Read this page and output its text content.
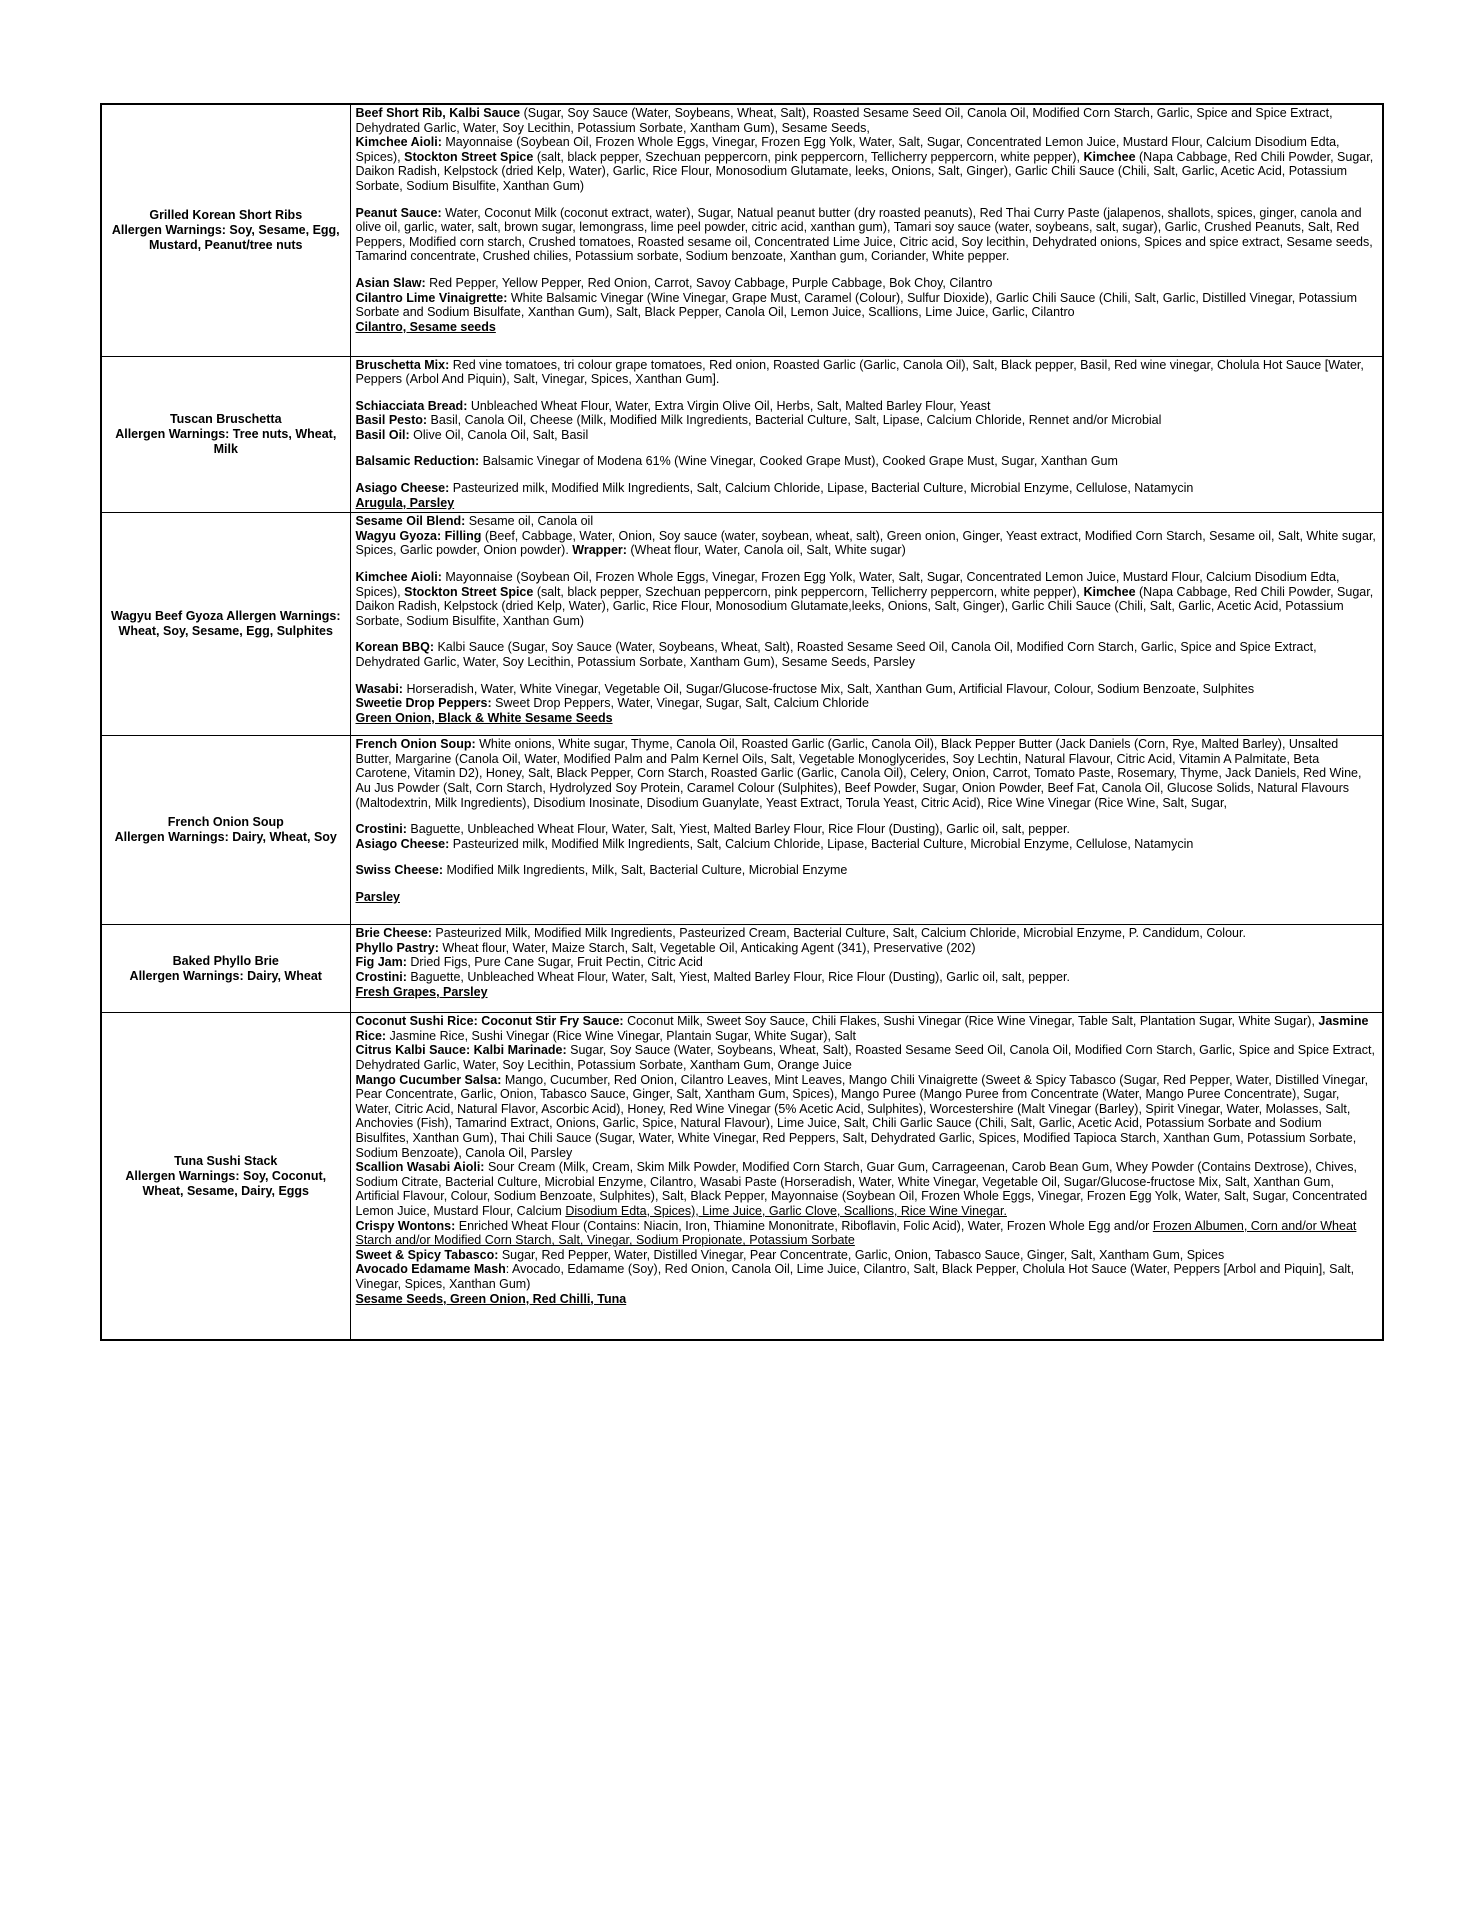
Grilled Korean Short Ribs
Allergen Warnings: Soy, Sesame, Egg, Mustard, Peanut/tree nuts

Beef Short Rib, Kalbi Sauce (Sugar, Soy Sauce (Water, Soybeans, Wheat, Salt), Roasted Sesame Seed Oil, Canola Oil, Modified Corn Starch, Garlic, Spice and Spice Extract, Dehydrated Garlic, Water, Soy Lecithin, Potassium Sorbate, Xantham Gum), Sesame Seeds,
Kimchee Aioli: Mayonnaise (Soybean Oil, Frozen Whole Eggs, Vinegar, Frozen Egg Yolk, Water, Salt, Sugar, Concentrated Lemon Juice, Mustard Flour, Calcium Disodium Edta, Spices), Stockton Street Spice (salt, black pepper, Szechuan peppercorn, pink peppercorn, Tellicherry peppercorn, white pepper), Kimchee (Napa Cabbage, Red Chili Powder, Sugar, Daikon Radish, Kelpstock (dried Kelp, Water), Garlic, Rice Flour, Monosodium Glutamate, leeks, Onions, Salt, Ginger), Garlic Chili Sauce (Chili, Salt, Garlic, Acetic Acid, Potassium Sorbate, Sodium Bisulfite, Xanthan Gum)
Peanut Sauce: Water, Coconut Milk (coconut extract, water), Sugar, Natual peanut butter (dry roasted peanuts), Red Thai Curry Paste (jalapenos, shallots, spices, ginger, canola and olive oil, garlic, water, salt, brown sugar, lemongrass, lime peel powder, citric acid, xanthan gum), Tamari soy sauce (water, soybeans, salt, sugar), Garlic, Crushed Peanuts, Salt, Red Peppers, Modified corn starch, Crushed tomatoes, Roasted sesame oil, Concentrated Lime Juice, Citric acid, Soy lecithin, Dehydrated onions, Spices and spice extract, Sesame seeds, Tamarind concentrate, Crushed chilies, Potassium sorbate, Sodium benzoate, Xanthan gum, Coriander, White pepper.
Asian Slaw: Red Pepper, Yellow Pepper, Red Onion, Carrot, Savoy Cabbage, Purple Cabbage, Bok Choy, Cilantro
Cilantro Lime Vinaigrette: White Balsamic Vinegar (Wine Vinegar, Grape Must, Caramel (Colour), Sulfur Dioxide), Garlic Chili Sauce (Chili, Salt, Garlic, Distilled Vinegar, Potassium Sorbate and Sodium Bisulfate, Xanthan Gum), Salt, Black Pepper, Canola Oil, Lemon Juice, Scallions, Lime Juice, Garlic, Cilantro
Cilantro, Sesame seeds

Tuscan Bruschetta
Allergen Warnings: Tree nuts, Wheat, Milk

Bruschetta Mix: Red vine tomatoes, tri colour grape tomatoes, Red onion, Roasted Garlic (Garlic, Canola Oil), Salt, Black pepper, Basil, Red wine vinegar, Cholula Hot Sauce [Water, Peppers (Arbol And Piquin), Salt, Vinegar, Spices, Xanthan Gum].
Schiacciata Bread: Unbleached Wheat Flour, Water, Extra Virgin Olive Oil, Herbs, Salt, Malted Barley Flour, Yeast
Basil Pesto: Basil, Canola Oil, Cheese (Milk, Modified Milk Ingredients, Bacterial Culture, Salt, Lipase, Calcium Chloride, Rennet and/or Microbial
Basil Oil: Olive Oil, Canola Oil, Salt, Basil
Balsamic Reduction: Balsamic Vinegar of Modena 61% (Wine Vinegar, Cooked Grape Must), Cooked Grape Must, Sugar, Xanthan Gum
Asiago Cheese: Pasteurized milk, Modified Milk Ingredients, Salt, Calcium Chloride, Lipase, Bacterial Culture, Microbial Enzyme, Cellulose, Natamycin
Arugula, Parsley

Wagyu Beef Gyoza Allergen Warnings: Wheat, Soy, Sesame, Egg, Sulphites

Sesame Oil Blend: Sesame oil, Canola oil
Wagyu Gyoza: Filling (Beef, Cabbage, Water, Onion, Soy sauce (water, soybean, wheat, salt), Green onion, Ginger, Yeast extract, Modified Corn Starch, Sesame oil, Salt, White sugar, Spices, Garlic powder, Onion powder). Wrapper: (Wheat flour, Water, Canola oil, Salt, White sugar)
Kimchee Aioli: Mayonnaise (Soybean Oil, Frozen Whole Eggs, Vinegar, Frozen Egg Yolk, Water, Salt, Sugar, Concentrated Lemon Juice, Mustard Flour, Calcium Disodium Edta, Spices), Stockton Street Spice (salt, black pepper, Szechuan peppercorn, pink peppercorn, Tellicherry peppercorn, white pepper), Kimchee (Napa Cabbage, Red Chili Powder, Sugar, Daikon Radish, Kelpstock (dried Kelp, Water), Garlic, Rice Flour, Monosodium Glutamate,leeks, Onions, Salt, Ginger), Garlic Chili Sauce (Chili, Salt, Garlic, Acetic Acid, Potassium Sorbate, Sodium Bisulfite, Xanthan Gum)
Korean BBQ: Kalbi Sauce (Sugar, Soy Sauce (Water, Soybeans, Wheat, Salt), Roasted Sesame Seed Oil, Canola Oil, Modified Corn Starch, Garlic, Spice and Spice Extract, Dehydrated Garlic, Water, Soy Lecithin, Potassium Sorbate, Xantham Gum), Sesame Seeds, Parsley
Wasabi: Horseradish, Water, White Vinegar, Vegetable Oil, Sugar/Glucose-fructose Mix, Salt, Xanthan Gum, Artificial Flavour, Colour, Sodium Benzoate, Sulphites
Sweetie Drop Peppers: Sweet Drop Peppers, Water, Vinegar, Sugar, Salt, Calcium Chloride
Green Onion, Black & White Sesame Seeds

French Onion Soup
Allergen Warnings: Dairy, Wheat, Soy

French Onion Soup: White onions, White sugar, Thyme, Canola Oil, Roasted Garlic (Garlic, Canola Oil), Black Pepper Butter (Jack Daniels (Corn, Rye, Malted Barley), Unsalted Butter, Margarine (Canola Oil, Water, Modified Palm and Palm Kernel Oils, Salt, Vegetable Monoglycerides, Soy Lechtin, Natural Flavour, Citric Acid, Vitamin A Palmitate, Beta Carotene, Vitamin D2), Honey, Salt, Black Pepper, Corn Starch, Roasted Garlic (Garlic, Canola Oil), Celery, Onion, Carrot, Tomato Paste, Rosemary, Thyme, Jack Daniels, Red Wine, Au Jus Powder (Salt, Corn Starch, Hydrolyzed Soy Protein, Caramel Colour (Sulphites), Beef Powder, Sugar, Onion Powder, Beef Fat, Canola Oil, Glucose Solids, Natural Flavours (Maltodextrin, Milk Ingredients), Disodium Inosinate, Disodium Guanylate, Yeast Extract, Torula Yeast, Citric Acid), Rice Wine Vinegar (Rice Wine, Salt, Sugar,
Crostini: Baguette, Unbleached Wheat Flour, Water, Salt, Yiest, Malted Barley Flour, Rice Flour (Dusting), Garlic oil, salt, pepper.
Asiago Cheese: Pasteurized milk, Modified Milk Ingredients, Salt, Calcium Chloride, Lipase, Bacterial Culture, Microbial Enzyme, Cellulose, Natamycin
Swiss Cheese: Modified Milk Ingredients, Milk, Salt, Bacterial Culture, Microbial Enzyme
Parsley

Baked Phyllo Brie
Allergen Warnings: Dairy, Wheat

Brie Cheese: Pasteurized Milk, Modified Milk Ingredients, Pasteurized Cream, Bacterial Culture, Salt, Calcium Chloride, Microbial Enzyme, P. Candidum, Colour.
Phyllo Pastry: Wheat flour, Water, Maize Starch, Salt, Vegetable Oil, Anticaking Agent (341), Preservative (202)
Fig Jam: Dried Figs, Pure Cane Sugar, Fruit Pectin, Citric Acid
Crostini: Baguette, Unbleached Wheat Flour, Water, Salt, Yiest, Malted Barley Flour, Rice Flour (Dusting), Garlic oil, salt, pepper.
Fresh Grapes, Parsley

Tuna Sushi Stack
Allergen Warnings: Soy, Coconut, Wheat, Sesame, Dairy, Eggs

Coconut Sushi Rice: Coconut Stir Fry Sauce: Coconut Milk, Sweet Soy Sauce, Chili Flakes, Sushi Vinegar (Rice Wine Vinegar, Table Salt, Plantation Sugar, White Sugar), Jasmine Rice: Jasmine Rice, Sushi Vinegar (Rice Wine Vinegar, Plantain Sugar, White Sugar), Salt
Citrus Kalbi Sauce: Kalbi Marinade: Sugar, Soy Sauce (Water, Soybeans, Wheat, Salt), Roasted Sesame Seed Oil, Canola Oil, Modified Corn Starch, Garlic, Spice and Spice Extract, Dehydrated Garlic, Water, Soy Lecithin, Potassium Sorbate, Xantham Gum, Orange Juice
Mango Cucumber Salsa: Mango, Cucumber, Red Onion, Cilantro Leaves, Mint Leaves, Mango Chili Vinaigrette (Sweet & Spicy Tabasco (Sugar, Red Pepper, Water, Distilled Vinegar, Pear Concentrate, Garlic, Onion, Tabasco Sauce, Ginger, Salt, Xantham Gum, Spices), Mango Puree (Mango Puree from Concentrate (Water, Mango Puree Concentrate), Sugar, Water, Citric Acid, Natural Flavor, Ascorbic Acid), Honey, Red Wine Vinegar (5% Acetic Acid, Sulphites), Worcestershire (Malt Vinegar (Barley), Spirit Vinegar, Water, Molasses, Salt, Anchovies (Fish), Tamarind Extract, Onions, Garlic, Spice, Natural Flavour), Lime Juice, Salt, Chili Garlic Sauce (Chili, Salt, Garlic, Acetic Acid, Potassium Sorbate and Sodium Bisulfites, Xanthan Gum), Thai Chili Sauce (Sugar, Water, White Vinegar, Red Peppers, Salt, Dehydrated Garlic, Spices, Modified Tapioca Starch, Xanthan Gum, Potassium Sorbate, Sodium Benzoate), Canola Oil, Parsley
Scallion Wasabi Aioli: Sour Cream (Milk, Cream, Skim Milk Powder, Modified Corn Starch, Guar Gum, Carrageenan, Carob Bean Gum, Whey Powder (Contains Dextrose), Chives, Sodium Citrate, Bacterial Culture, Microbial Enzyme, Cilantro, Wasabi Paste (Horseradish, Water, White Vinegar, Vegetable Oil, Sugar/Glucose-fructose Mix, Salt, Xanthan Gum, Artificial Flavour, Colour, Sodium Benzoate, Sulphites), Salt, Black Pepper, Mayonnaise (Soybean Oil, Frozen Whole Eggs, Vinegar, Frozen Egg Yolk, Water, Salt, Sugar, Concentrated Lemon Juice, Mustard Flour, Calcium Disodium Edta, Spices), Lime Juice, Garlic Clove, Scallions, Rice Wine Vinegar.
Crispy Wontons: Enriched Wheat Flour (Contains: Niacin, Iron, Thiamine Mononitrate, Riboflavin, Folic Acid), Water, Frozen Whole Egg and/or Frozen Albumen, Corn and/or Wheat Starch and/or Modified Corn Starch, Salt, Vinegar, Sodium Propionate, Potassium Sorbate
Sweet & Spicy Tabasco: Sugar, Red Pepper, Water, Distilled Vinegar, Pear Concentrate, Garlic, Onion, Tabasco Sauce, Ginger, Salt, Xantham Gum, Spices
Avocado Edamame Mash: Avocado, Edamame (Soy), Red Onion, Canola Oil, Lime Juice, Cilantro, Salt, Black Pepper, Cholula Hot Sauce (Water, Peppers [Arbol and Piquin], Salt, Vinegar, Spices, Xanthan Gum)
Sesame Seeds, Green Onion, Red Chilli, Tuna
